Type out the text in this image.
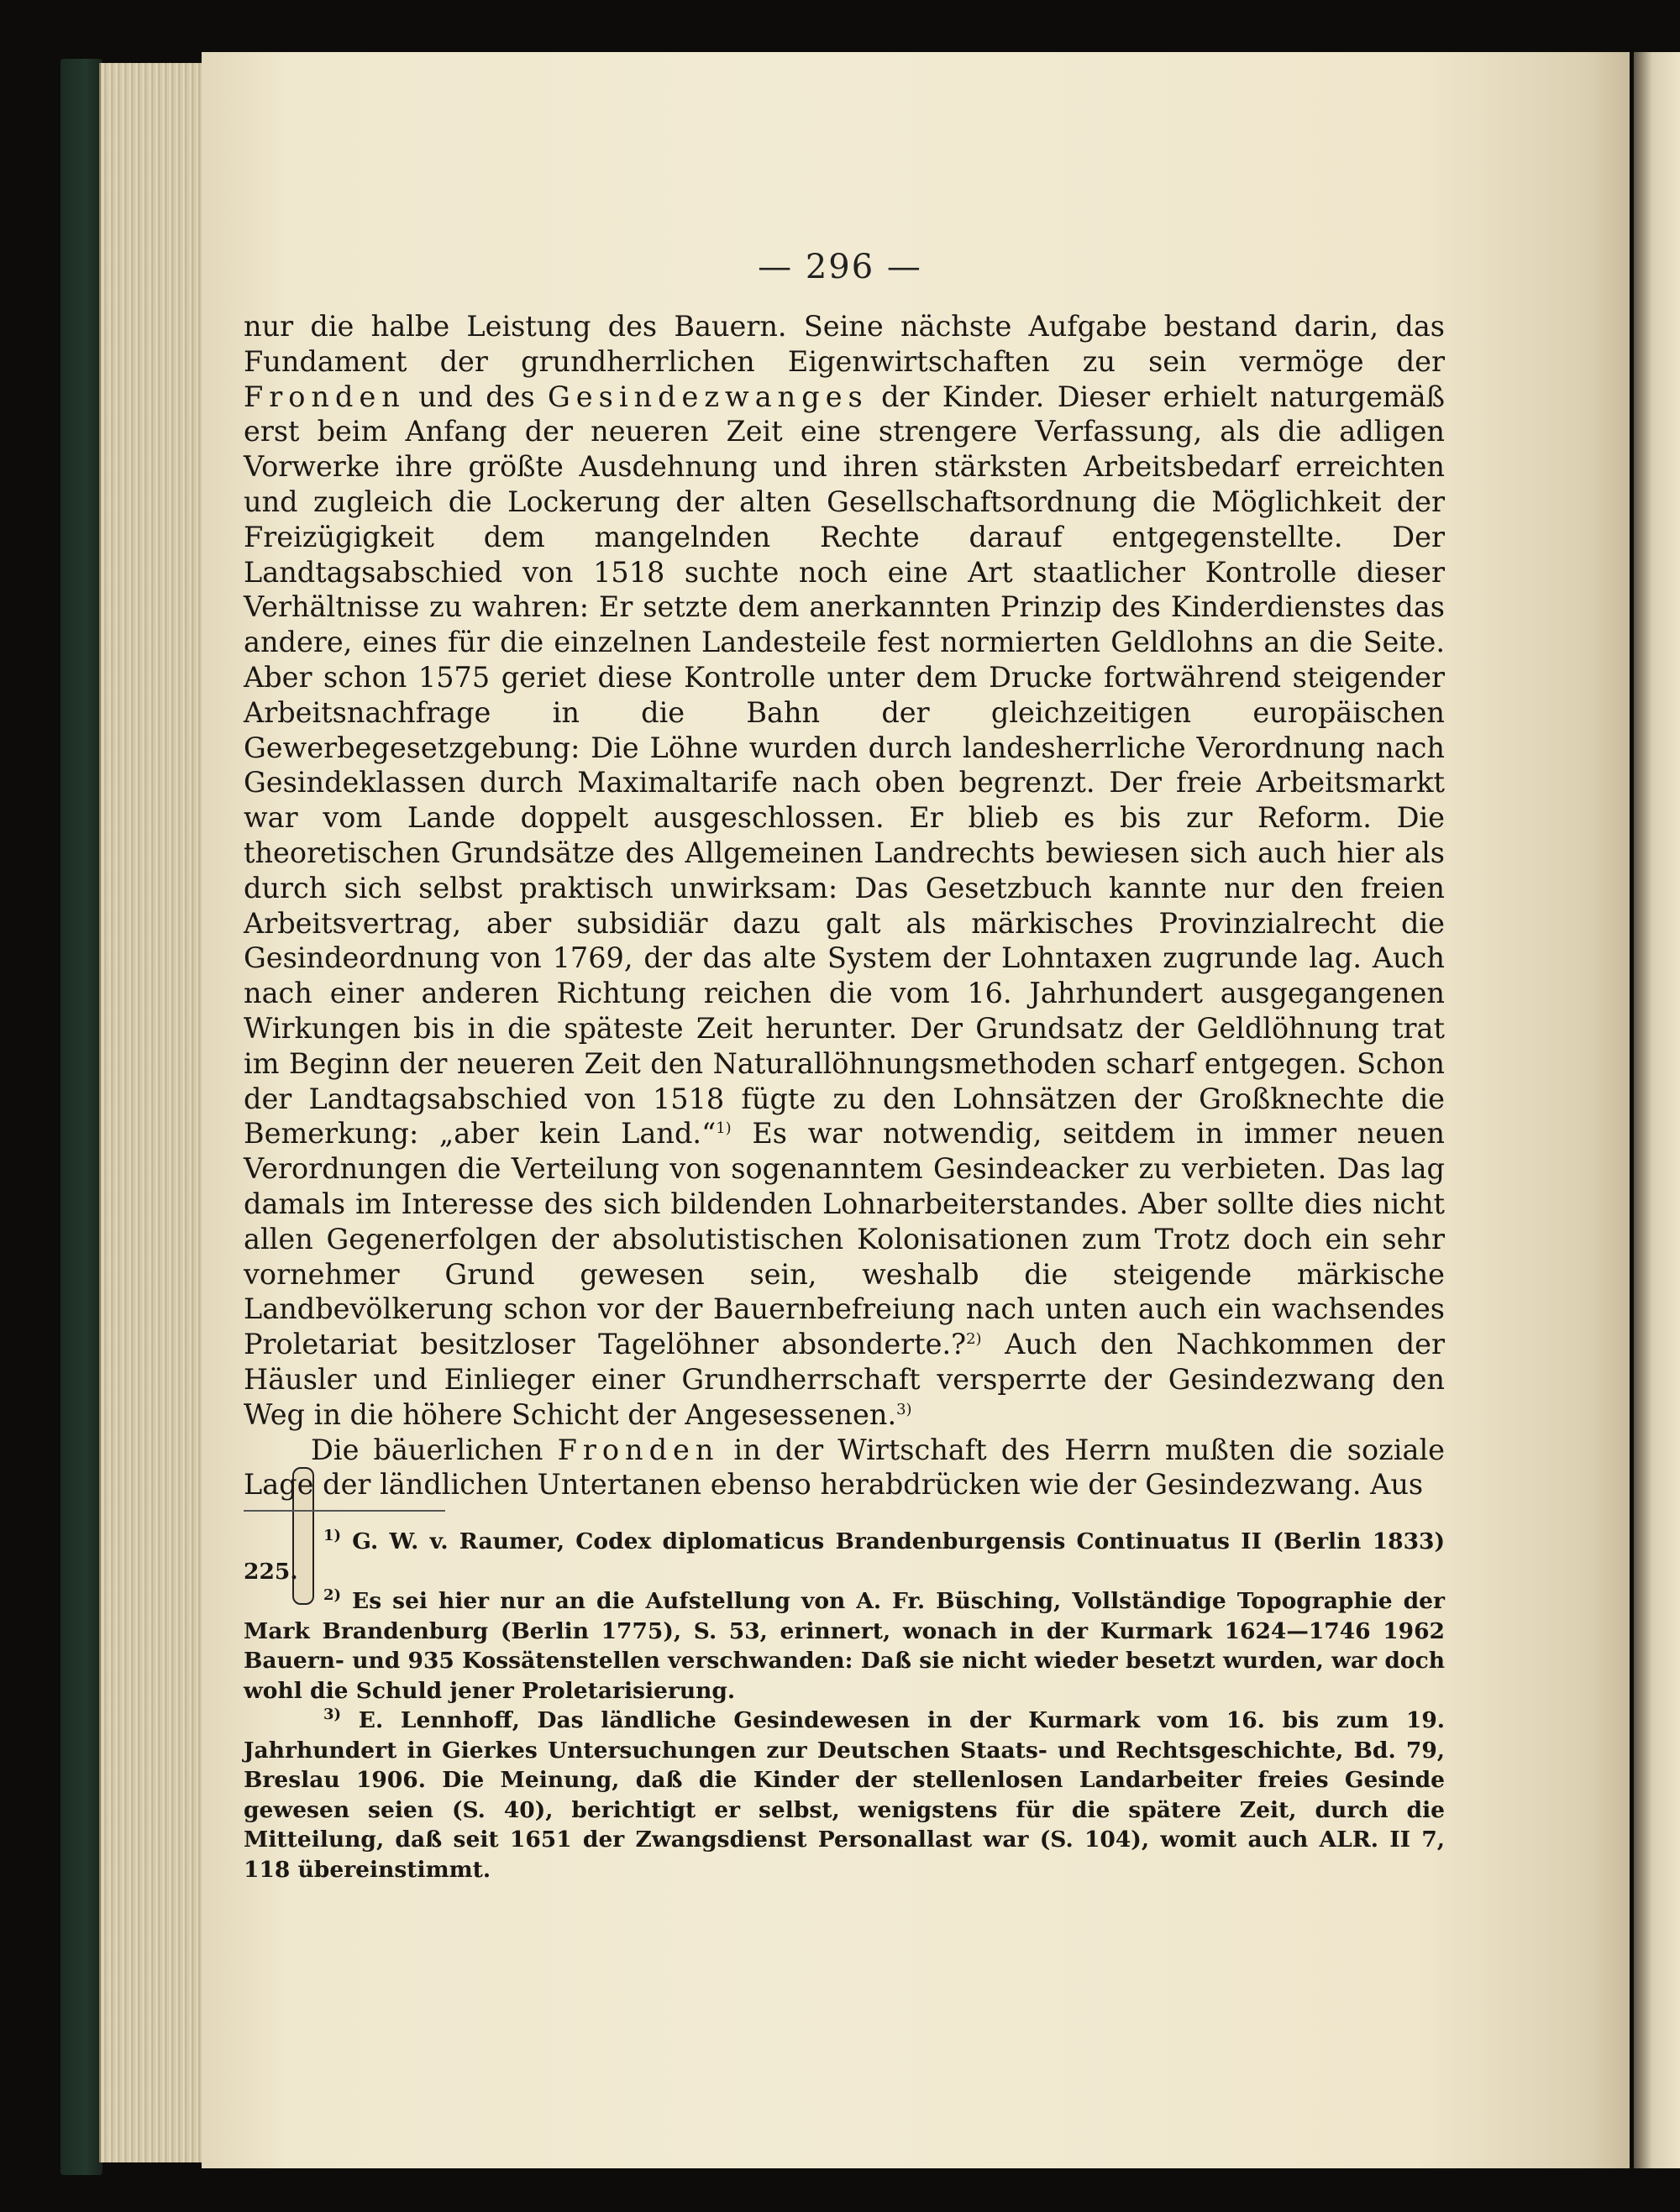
— 296 —

nur die halbe Leistung des Bauern. Seine nächste Aufgabe bestand darin, das Fundament der grundherrlichen Eigenwirtschaften zu sein vermöge der Fronden und des Gesindezwanges der Kinder. Dieser erhielt naturgemäß erst beim Anfang der neueren Zeit eine strengere Verfassung, als die adligen Vorwerke ihre größte Ausdehnung und ihren stärksten Arbeitsbedarf erreichten und zugleich die Lockerung der alten Gesellschaftsordnung die Möglichkeit der Freizügigkeit dem mangelnden Rechte darauf entgegenstellte. Der Landtagsabschied von 1518 suchte noch eine Art staatlicher Kontrolle dieser Verhältnisse zu wahren: Er setzte dem anerkannten Prinzip des Kinderdienstes das andere, eines für die einzelnen Landesteile fest normierten Geldlohns an die Seite. Aber schon 1575 geriet diese Kontrolle unter dem Drucke fortwährend steigender Arbeitsnachfrage in die Bahn der gleichzeitigen europäischen Gewerbegesetzgebung: Die Löhne wurden durch landesherrliche Verordnung nach Gesindeklassen durch Maximaltarife nach oben begrenzt. Der freie Arbeitsmarkt war vom Lande doppelt ausgeschlossen. Er blieb es bis zur Reform. Die theoretischen Grundsätze des Allgemeinen Landrechts bewiesen sich auch hier als durch sich selbst praktisch unwirksam: Das Gesetzbuch kannte nur den freien Arbeitsvertrag, aber subsidiär dazu galt als märkisches Provinzialrecht die Gesindeordnung von 1769, der das alte System der Lohntaxen zugrunde lag. Auch nach einer anderen Richtung reichen die vom 16. Jahrhundert ausgegangenen Wirkungen bis in die späteste Zeit herunter. Der Grundsatz der Geldlöhnung trat im Beginn der neueren Zeit den Naturallöhnungsmethoden scharf entgegen. Schon der Landtagsabschied von 1518 fügte zu den Lohnsätzen der Großknechte die Bemerkung: „aber kein Land.“$^{1)}$ Es war notwendig, seitdem in immer neuen Verordnungen die Verteilung von sogenanntem Gesindeacker zu verbieten. Das lag damals im Interesse des sich bildenden Lohnarbeiterstandes. Aber sollte dies nicht allen Gegenerfolgen der absolutistischen Kolonisationen zum Trotz doch ein sehr vornehmer Grund gewesen sein, weshalb die steigende märkische Landbevölkerung schon vor der Bauernbefreiung nach unten auch ein wachsendes Proletariat besitzloser Tagelöhner absonderte.?$^{2)}$ Auch den Nachkommen der Häusler und Einlieger einer Grundherrschaft versperrte der Gesindezwang den Weg in die höhere Schicht der Angesessenen.$^{3)}$

Die bäuerlichen Fronden in der Wirtschaft des Herrn mußten die soziale Lage der ländlichen Untertanen ebenso herabdrücken wie der Gesindezwang. Aus

$^{1)}$ G. W. v. Raumer, Codex diplomaticus Brandenburgensis Continuatus II (Berlin 1833) 225.

$^{2)}$ Es sei hier nur an die Aufstellung von A. Fr. Büsching, Vollständige Topographie der Mark Brandenburg (Berlin 1775), S. 53, erinnert, wonach in der Kurmark 1624—1746 1962 Bauern- und 935 Kossätenstellen verschwanden: Daß sie nicht wieder besetzt wurden, war doch wohl die Schuld jener Proletarisierung.

$^{3)}$ E. Lennhoff, Das ländliche Gesindewesen in der Kurmark vom 16. bis zum 19. Jahrhundert in Gierkes Untersuchungen zur Deutschen Staats- und Rechtsgeschichte, Bd. 79, Breslau 1906. Die Meinung, daß die Kinder der stellenlosen Landarbeiter freies Gesinde gewesen seien (S. 40), berichtigt er selbst, wenigstens für die spätere Zeit, durch die Mitteilung, daß seit 1651 der Zwangsdienst Personallast war (S. 104), womit auch ALR. II 7, 118 übereinstimmt.
